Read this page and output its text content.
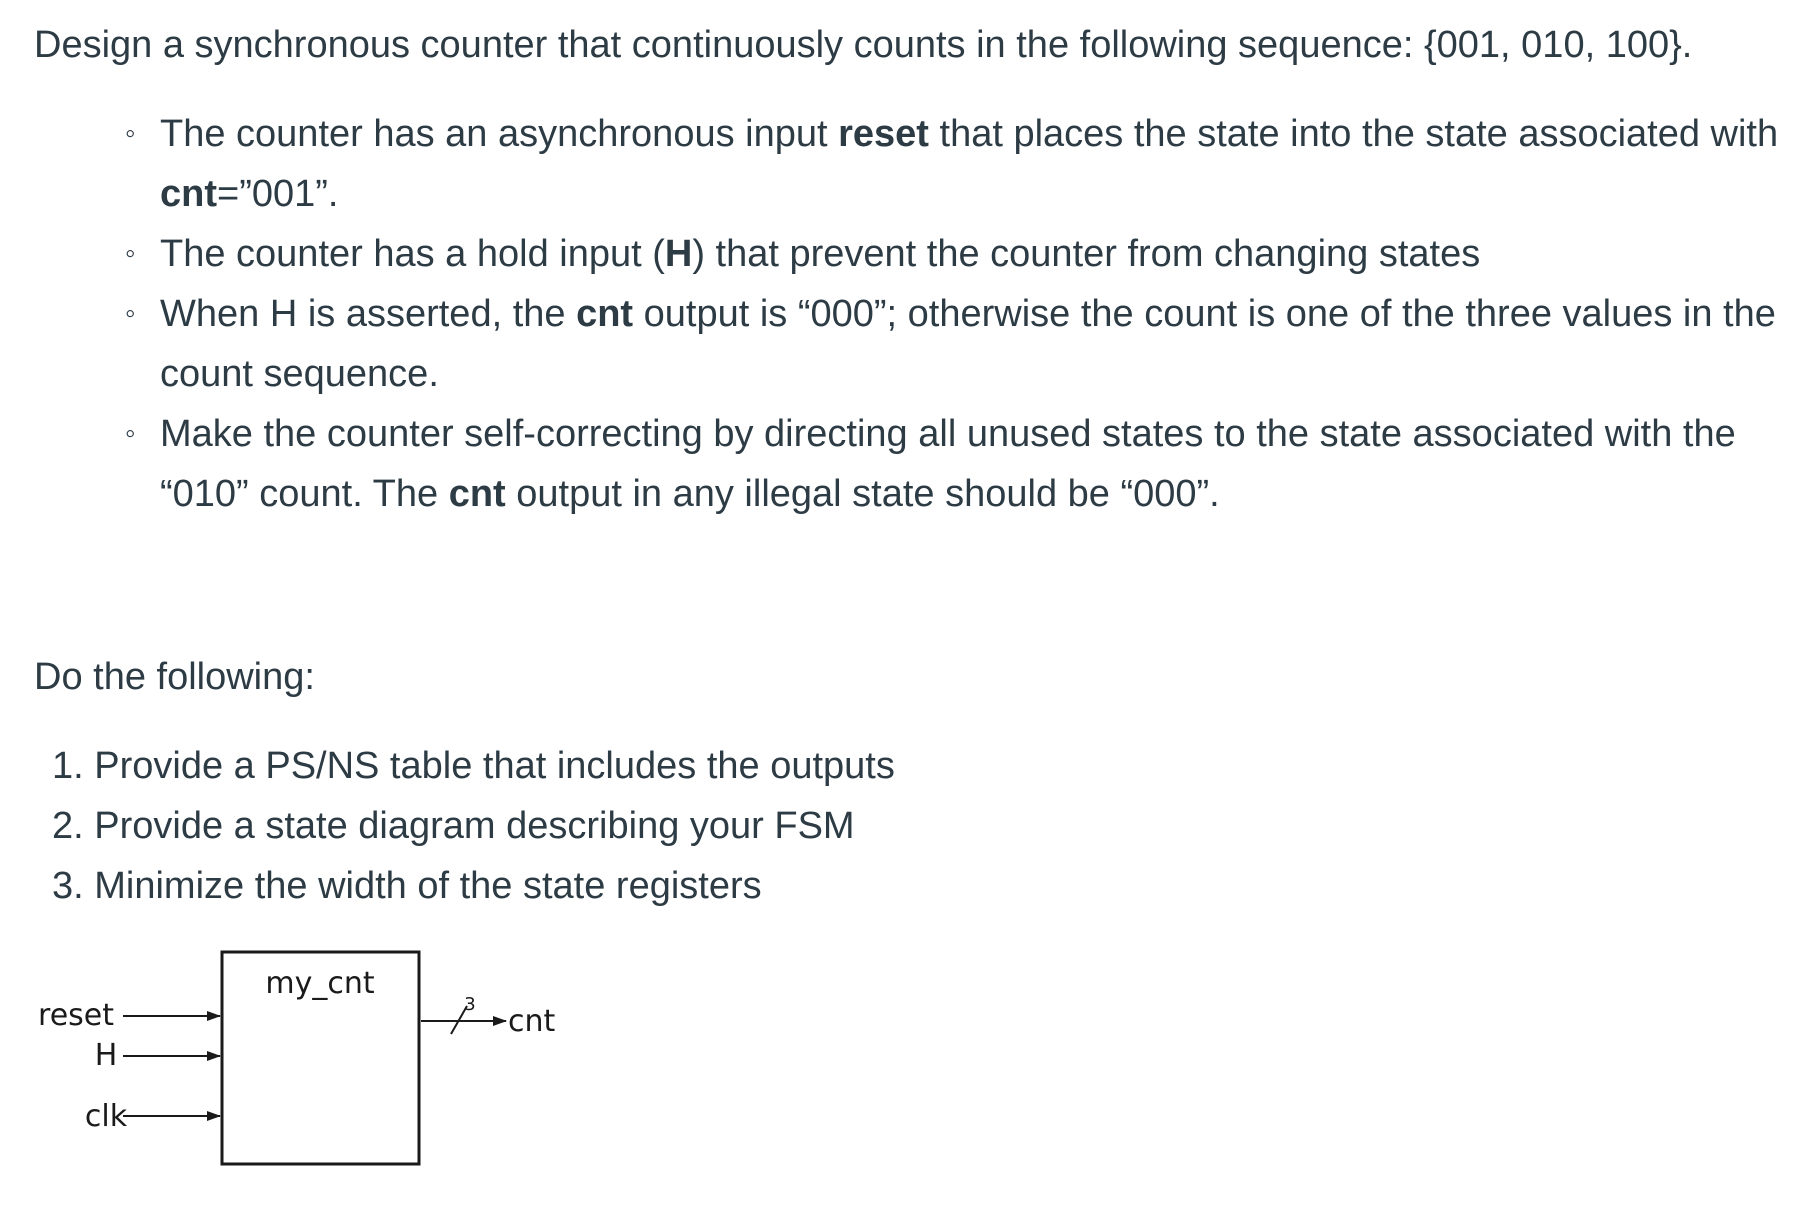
Design a synchronous counter that continuously counts in the following sequence: {001, 010, 100}.

◦ The counter has an asynchronous input reset that places the state into the state associated with cnt=”001”.
◦ The counter has a hold input (H) that prevent the counter from changing states
◦ When H is asserted, the cnt output is “000”; otherwise the count is one of the three values in the count sequence.
◦ Make the counter self-correcting by directing all unused states to the state associated with the “010” count. The cnt output in any illegal state should be “000”.

Do the following:

1. Provide a PS/NS table that includes the outputs
2. Provide a state diagram describing your FSM
3. Minimize the width of the state registers
my_cnt
reset
H
clk
3 cnt
